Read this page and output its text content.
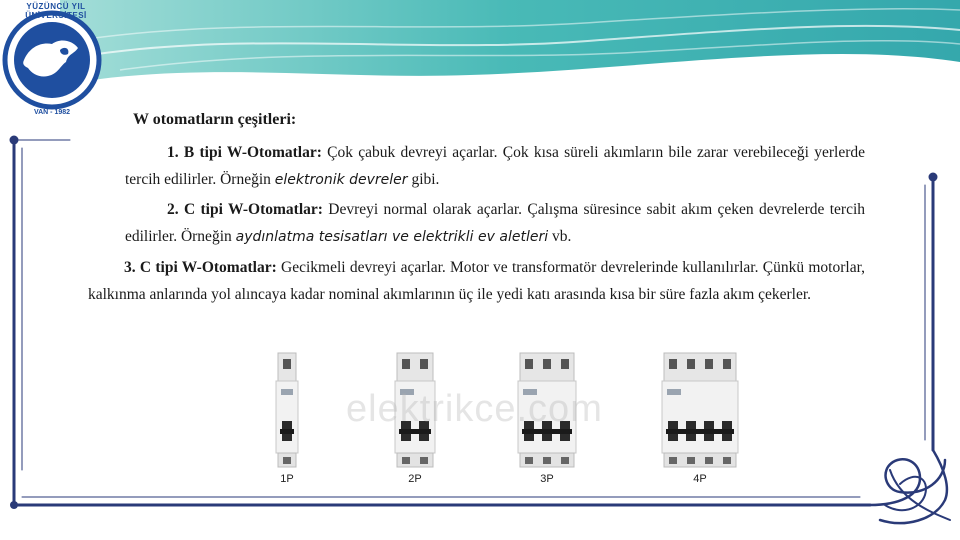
VAN - 1982
YÜZÜNCÜ YIL ÜNİVERSİTESİ
W otomatların çeşitleri:
1. B tipi W-Otomatlar: Çok çabuk devreyi açarlar. Çok kısa süreli akımların bile zarar verebileceği yerlerde tercih edilirler. Örneğin elektronik devreler gibi.
2. C tipi W-Otomatlar: Devreyi normal olarak açarlar. Çalışma süresince sabit akım çeken devrelerde tercih edilirler. Örneğin aydınlatma tesisatları ve elektrikli ev aletleri vb.
3. C tipi W-Otomatlar: Gecikmeli devreyi açarlar. Motor ve transformatör devrelerinde kullanılırlar. Çünkü motorlar, kalkınma anlarında yol alıncaya kadar nominal akımlarının üç ile yedi katı arasında kısa bir süre fazla akım çekerler.
1P	2P	3P	4P
elektrikce.com
